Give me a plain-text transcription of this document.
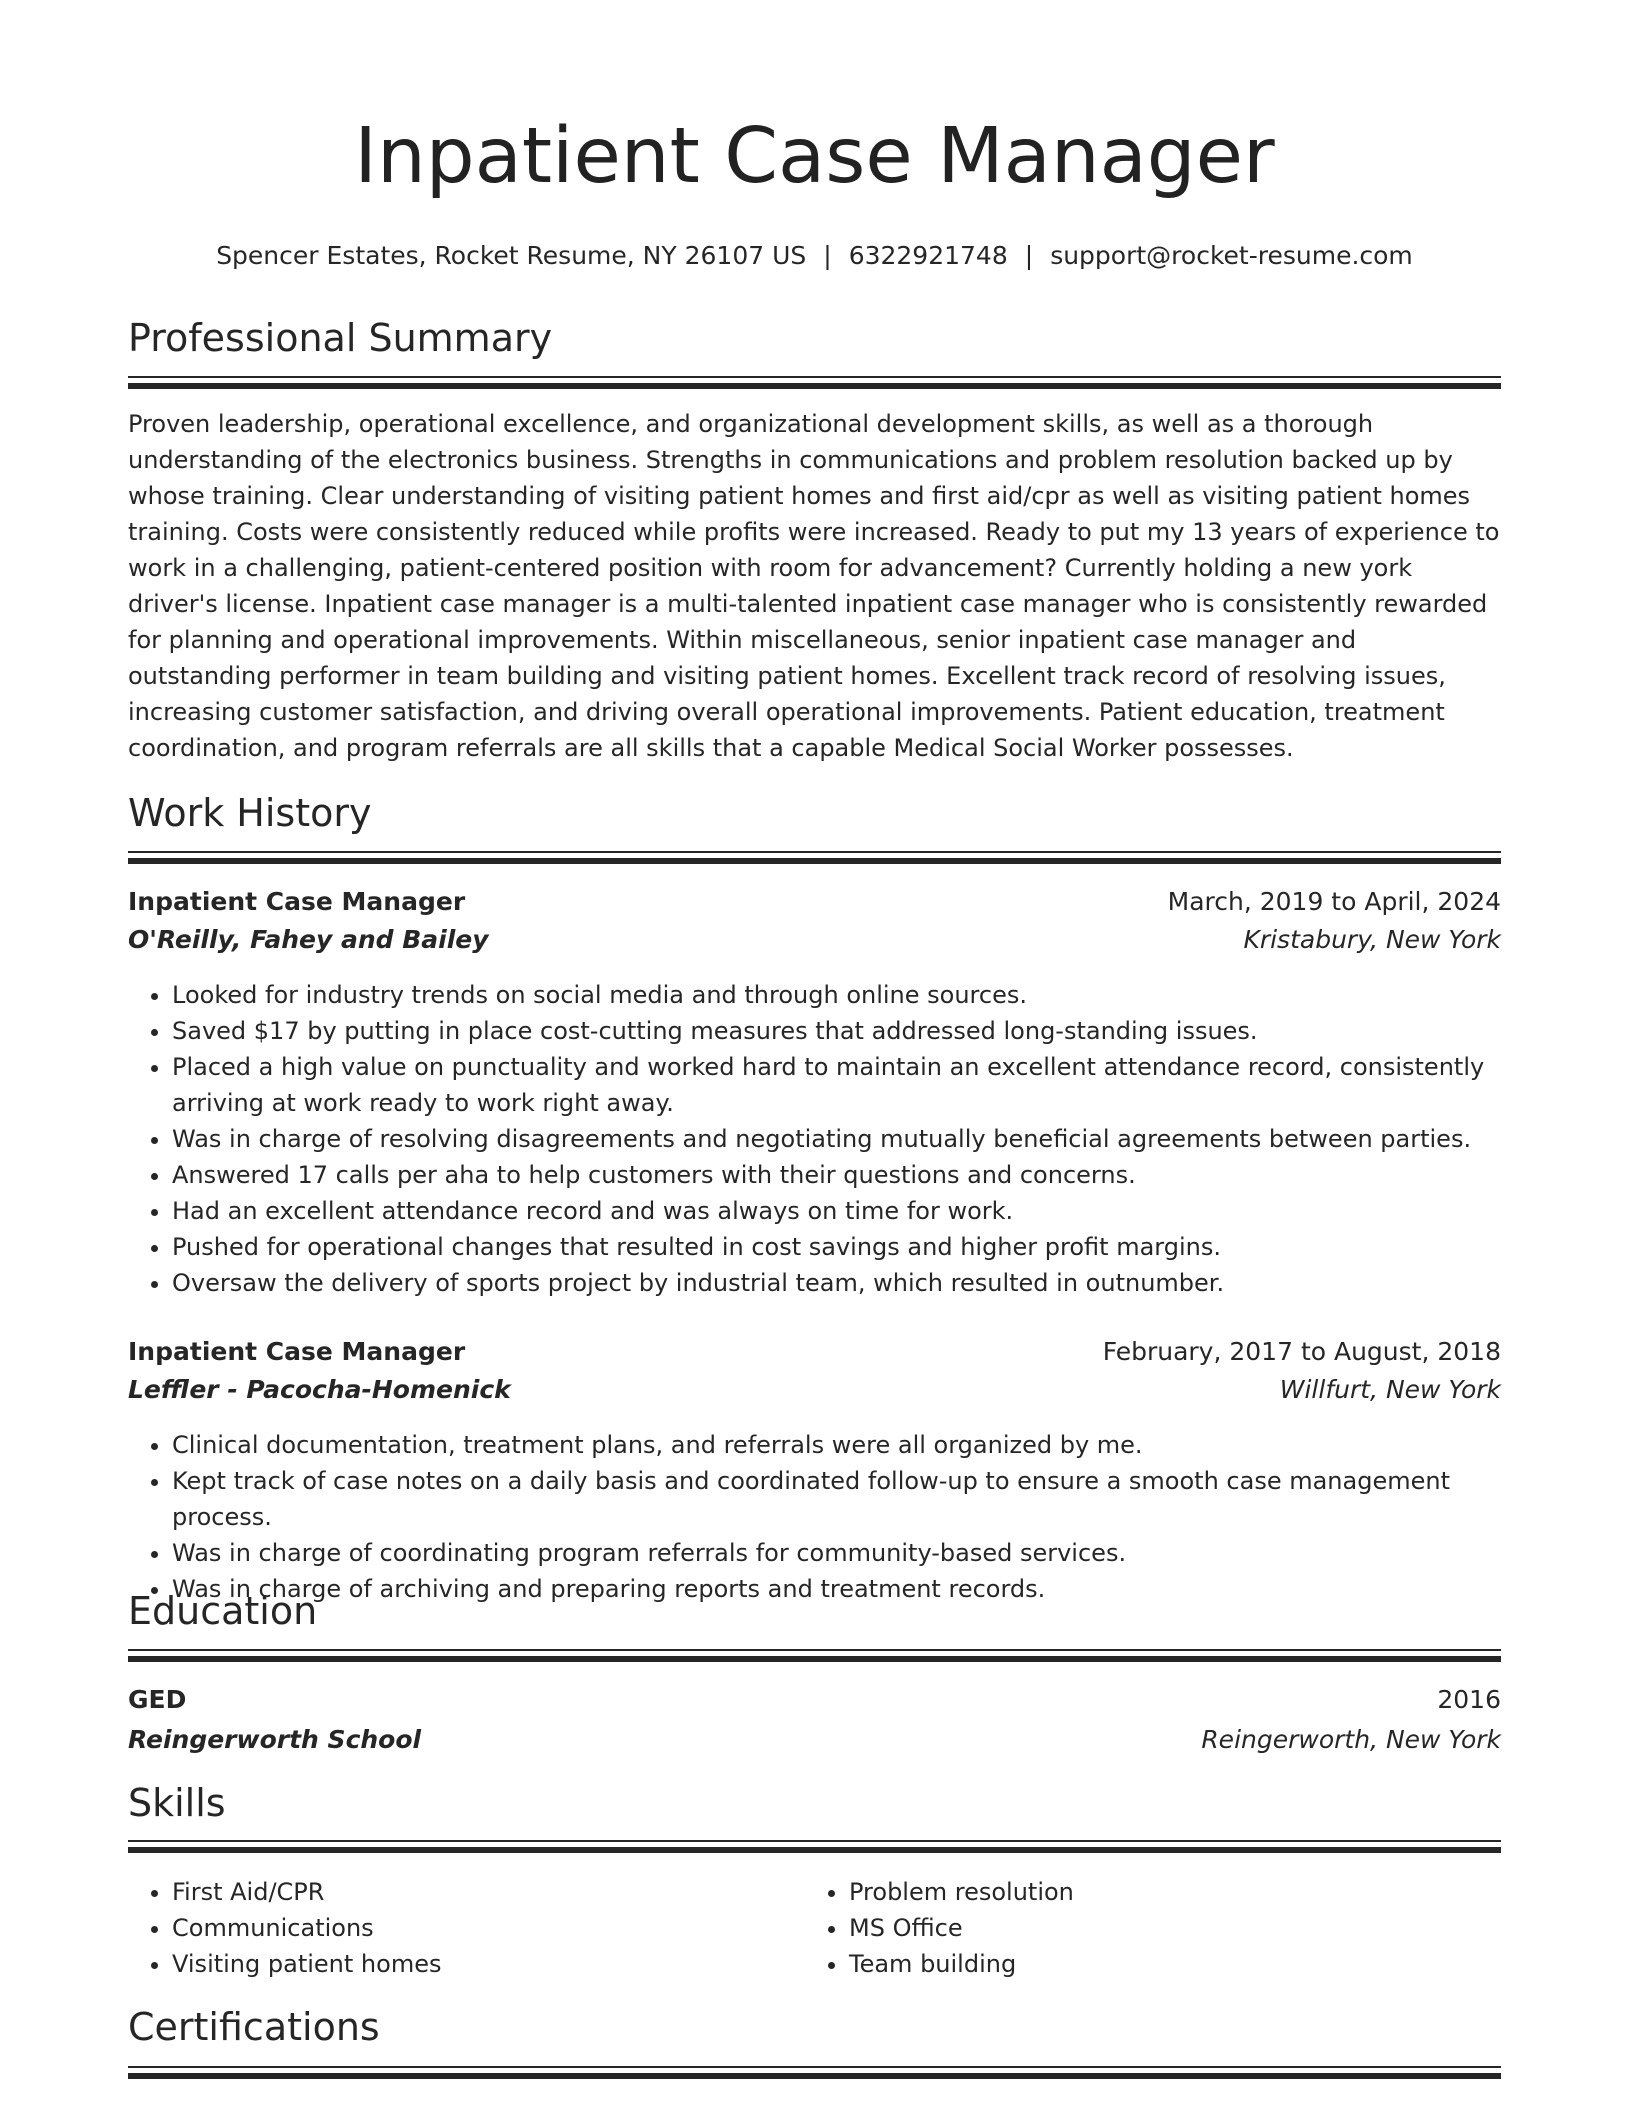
Inpatient Case Manager
Spencer Estates, Rocket Resume, NY 26107 US | 6322921748 | support@rocket-resume.com
Professional Summary

Proven leadership, operational excellence, and organizational development skills, as well as a thorough understanding of the electronics business. Strengths in communications and problem resolution backed up by whose training. Clear understanding of visiting patient homes and first aid/cpr as well as visiting patient homes training. Costs were consistently reduced while profits were increased. Ready to put my 13 years of experience to work in a challenging, patient-centered position with room for advancement? Currently holding a new york driver's license. Inpatient case manager is a multi-talented inpatient case manager who is consistently rewarded for planning and operational improvements. Within miscellaneous, senior inpatient case manager and outstanding performer in team building and visiting patient homes. Excellent track record of resolving issues, increasing customer satisfaction, and driving overall operational improvements. Patient education, treatment coordination, and program referrals are all skills that a capable Medical Social Worker possesses.

Work History
Inpatient Case Manager	March, 2019 to April, 2024
O'Reilly, Fahey and Bailey	Kristabury, New York
• Looked for industry trends on social media and through online sources.
• Saved $17 by putting in place cost-cutting measures that addressed long-standing issues.
• Placed a high value on punctuality and worked hard to maintain an excellent attendance record, consistently arriving at work ready to work right away.
• Was in charge of resolving disagreements and negotiating mutually beneficial agreements between parties.
• Answered 17 calls per aha to help customers with their questions and concerns.
• Had an excellent attendance record and was always on time for work.
• Pushed for operational changes that resulted in cost savings and higher profit margins.
• Oversaw the delivery of sports project by industrial team, which resulted in outnumber.
Inpatient Case Manager	February, 2017 to August, 2018
Leffler - Pacocha-Homenick	Willfurt, New York
• Clinical documentation, treatment plans, and referrals were all organized by me.
• Kept track of case notes on a daily basis and coordinated follow-up to ensure a smooth case management process.
• Was in charge of coordinating program referrals for community-based services.
• Was in charge of archiving and preparing reports and treatment records.
Education
GED	2016
Reingerworth School	Reingerworth, New York
Skills
• First Aid/CPR
• Communications
• Visiting patient homes
• Problem resolution
• MS Office
• Team building
Certifications
